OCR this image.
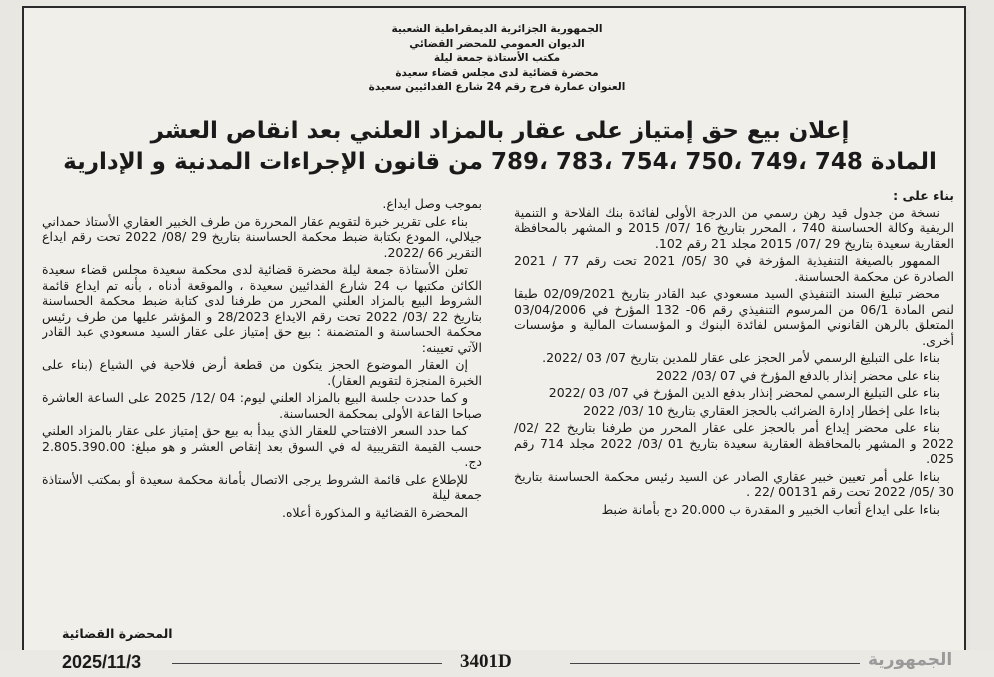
الجمهورية الجزائرية الديمقراطية الشعبية
الديوان العمومي للمحضر القضائي
مكتب الأستاذة جمعة ليلة
محضرة قضائية لدى مجلس قضاء سعيدة
العنوان عمارة فرج رقم 24 شارع الفدائيين سعيدة
إعلان بيع حق إمتياز على عقار بالمزاد العلني بعد انقاص العشر
المادة 748 ،749 ،750 ،754 ،783 ،789 من قانون الإجراءات المدنية و الإدارية

بناء على :

نسخة من جدول قيد رهن رسمي من الدرجة الأولى لفائدة بنك الفلاحة و التنمية الريفية وكالة الحساسنة 740 ، المحرر بتاريخ 16 /07/ 2015 و المشهر بالمحافظة العقارية سعيدة بتاريخ 29 /07/ 2015 مجلد 21 رقم 102.

الممهور بالصيغة التنفيذية المؤرخة في 30 /05/ 2021 تحت رقم 77 / 2021 الصادرة عن محكمة الحساسنة.

محضر تبليغ السند التنفيذي السيد مسعودي عبد القادر بتاريخ 02/09/2021 طبقا لنص المادة 06/1 من المرسوم التنفيذي رقم 06- 132 المؤرخ في 03/04/2006 المتعلق بالرهن القانوني المؤسس لفائدة البنوك و المؤسسات المالية و مؤسسات أخرى.

بناءا على التبليغ الرسمي لأمر الحجز على عقار للمدين بتاريخ 07/ 03 /2022.

بناء على محضر إنذار بالدفع المؤرخ في 07 /03/ 2022

بناء على التبليغ الرسمي لمحضر إنذار بدفع الدين المؤرخ في 07/ 03 /2022

بناءا على إخطار إدارة الضرائب بالحجز العقاري بتاريخ 10 /03/ 2022

بناء على محضر إيداع أمر بالحجز على عقار المحرر من طرفنا بتاريخ 22 /02/ 2022 و المشهر بالمحافظة العقارية سعيدة بتاريخ 01 /03/ 2022 مجلد 714 رقم 025.

بناءا على أمر تعيين خبير عقاري الصادر عن السيد رئيس محكمة الحساسنة بتاريخ 30 /05/ 2022 تحت رقم 00131 /22 .

بناءا على ايداع أتعاب الخبير و المقدرة ب 20.000 دج بأمانة ضبط

بموجب وصل ايداع.

بناء على تقرير خبرة لتقويم عقار المحررة من طرف الخبير العقاري الأستاذ حمداني جيلالي، المودع بكتابة ضبط محكمة الحساسنة بتاريخ 29 /08/ 2022 تحت رقم ايداع التقرير 66 /2022.

تعلن الأستاذة جمعة ليلة محضرة قضائية لدى محكمة سعيدة مجلس قضاء سعيدة الكائن مكتبها ب 24 شارع الفدائيين سعيدة ، والموقعة أدناه ، بأنه تم ايداع قائمة الشروط البيع بالمزاد العلني المحرر من طرفنا لدى كتابة ضبط محكمة الحساسنة بتاريخ 22 /03/ 2022 تحت رقم الايداع 28/2023 و المؤشر عليها من طرف رئيس محكمة الحساسنة و المتضمنة : بيع حق إمتياز على عقار السيد مسعودي عبد القادر الآتي تعيينه:

إن العقار الموضوع الحجز يتكون من قطعة أرض فلاحية في الشياع (بناء على الخبرة المنجزة لتقويم العقار).

و كما حددت جلسة البيع بالمزاد العلني ليوم: 04 /12/ 2025 على الساعة العاشرة صباحا القاعة الأولى بمحكمة الحساسنة.

كما حدد السعر الافتتاحي للعقار الذي يبدأ به بيع حق إمتياز على عقار بالمزاد العلني حسب القيمة التقريبية له في السوق بعد إنقاص العشر و هو مبلغ: 2.805.390.00 دج.

للإطلاع على قائمة الشروط يرجى الاتصال بأمانة محكمة سعيدة أو بمكتب الأستاذة جمعة ليلة

المحضرة القضائية و المذكورة أعلاه.

المحضرة القضائية
2025/11/3	3401D	الجمهورية
